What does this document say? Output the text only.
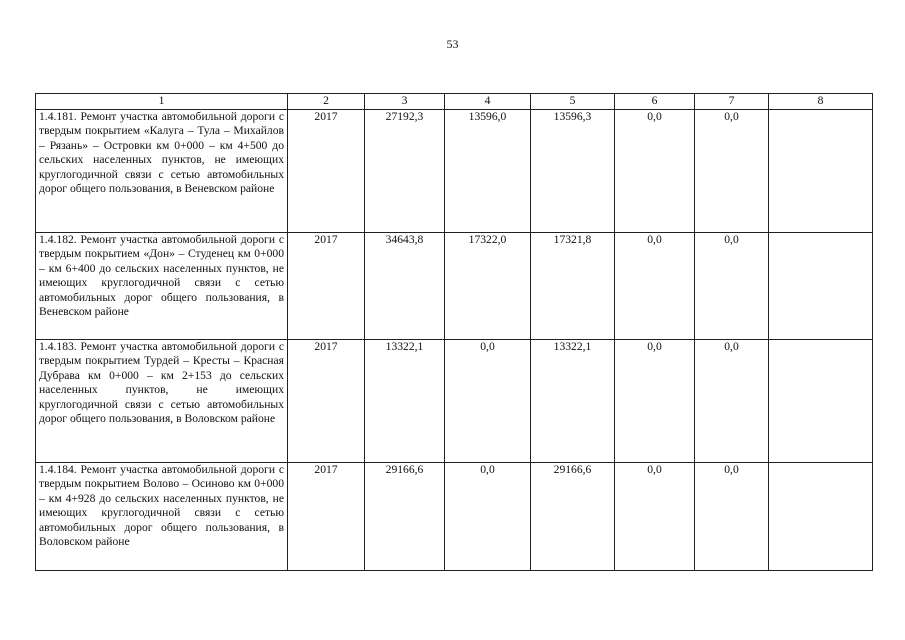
53
1	2	3	4	5	6	7	8
1.4.181. Ремонт участка автомобильной дороги с твердым покрытием «Калуга – Тула – Михайлов – Рязань» – Островки км 0+000 – км 4+500 до сельских населенных пунктов, не имеющих круглогодичной связи с сетью автомобильных дорог общего пользования, в Веневском районе	2017	27192,3	13596,0	13596,3	0,0	0,0	
1.4.182. Ремонт участка автомобильной дороги с твердым покрытием «Дон» – Студенец км 0+000 – км 6+400 до сельских населенных пунктов, не имеющих круглогодичной связи с сетью автомобильных дорог общего пользования, в Веневском районе	2017	34643,8	17322,0	17321,8	0,0	0,0	
1.4.183. Ремонт участка автомобильной дороги с твердым покрытием Турдей – Кресты – Красная Дубрава км 0+000 – км 2+153 до сельских населенных пунктов, не имеющих круглогодичной связи с сетью автомобильных дорог общего пользования, в Воловском районе	2017	13322,1	0,0	13322,1	0,0	0,0	
1.4.184. Ремонт участка автомобильной дороги с твердым покрытием Волово – Осиново км 0+000 – км 4+928 до сельских населенных пунктов, не имеющих круглогодичной связи с сетью автомобильных дорог общего пользования, в Воловском районе	2017	29166,6	0,0	29166,6	0,0	0,0	
